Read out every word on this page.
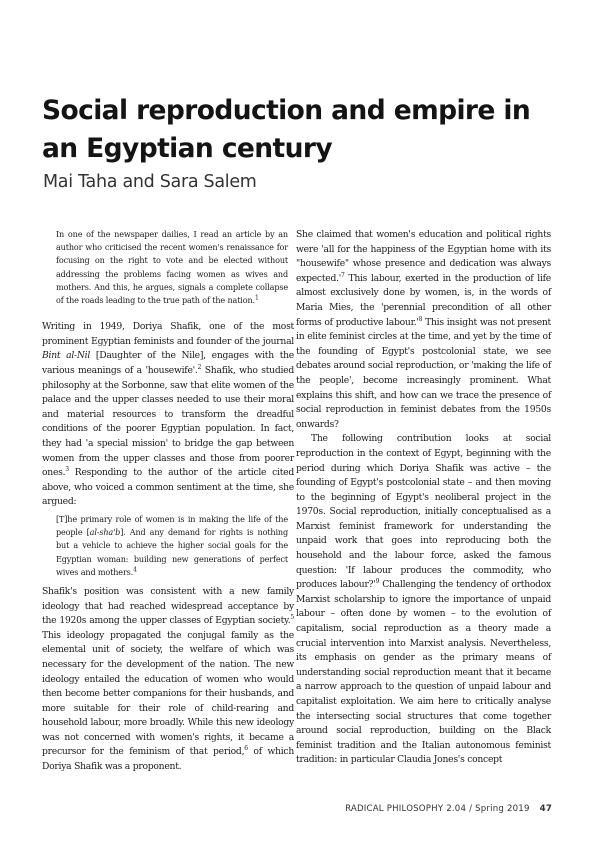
Social reproduction and empire in an Egyptian century
Mai Taha and Sara Salem

In one of the newspaper dailies, I read an article by an author who criticised the recent women's renaissance for focusing on the right to vote and be elected without addressing the problems facing women as wives and mothers. And this, he argues, signals a complete collapse of the roads leading to the true path of the nation.$^1$

Writing in 1949, Doriya Shafik, one of the most prominent Egyptian feminists and founder of the journal Bint al-Nil [Daughter of the Nile], engages with the various meanings of a 'housewife'.$^2$ Shafik, who studied philosophy at the Sorbonne, saw that elite women of the palace and the upper classes needed to use their moral and material resources to transform the dreadful conditions of the poorer Egyptian population. In fact, they had 'a special mission' to bridge the gap between women from the upper classes and those from poorer ones.$^3$ Responding to the author of the article cited above, who voiced a common sentiment at the time, she argued:

[T]he primary role of women is in making the life of the people [al-sha'b]. And any demand for rights is nothing but a vehicle to achieve the higher social goals for the Egyptian woman: building new generations of perfect wives and mothers.$^4$

Shafik's position was consistent with a new family ideology that had reached widespread acceptance by the 1920s among the upper classes of Egyptian society.$^5$ This ideology propagated the conjugal family as the elemental unit of society, the welfare of which was necessary for the development of the nation. The new ideology entailed the education of women who would then become better companions for their husbands, and more suitable for their role of child-rearing and household labour, more broadly. While this new ideology was not concerned with women's rights, it became a precursor for the feminism of that period,$^6$ of which Doriya Shafik was a proponent.

She claimed that women's education and political rights were 'all for the happiness of the Egyptian home with its "housewife" whose presence and dedication was always $expected.'^7$ This labour, exerted in the production of life almost exclusively done by women, is, in the words of Maria Mies, the 'perennial precondition of all other forms of productive $labour.'^8$ This insight was not present in elite feminist circles at the time, and yet by the time of the founding of Egypt's postcolonial state, we see debates around social reproduction, or 'making the life of the people', become increasingly prominent. What explains this shift, and how can we trace the presence of social reproduction in feminist debates from the 1950s onwards?

The following contribution looks at social reproduction in the context of Egypt, beginning with the period during which Doriya Shafik was active – the founding of Egypt's postcolonial state – and then moving to the beginning of Egypt's neoliberal project in the 1970s. Social reproduction, initially conceptualised as a Marxist feminist framework for understanding the unpaid work that goes into reproducing both the household and the labour force, asked the famous question: 'If labour produces the commodity, who produces $labour?'^9$ Challenging the tendency of orthodox Marxist scholarship to ignore the importance of unpaid labour – often done by women – to the evolution of capitalism, social reproduction as a theory made a crucial intervention into Marxist analysis. Nevertheless, its emphasis on gender as the primary means of understanding social reproduction meant that it became a narrow approach to the question of unpaid labour and capitalist exploitation. We aim here to critically analyse the intersecting social structures that come together around social reproduction, building on the Black feminist tradition and the Italian autonomous feminist tradition: in particular Claudia Jones's concept

RADICAL PHILOSOPHY 2.04 / Spring 2019 47
